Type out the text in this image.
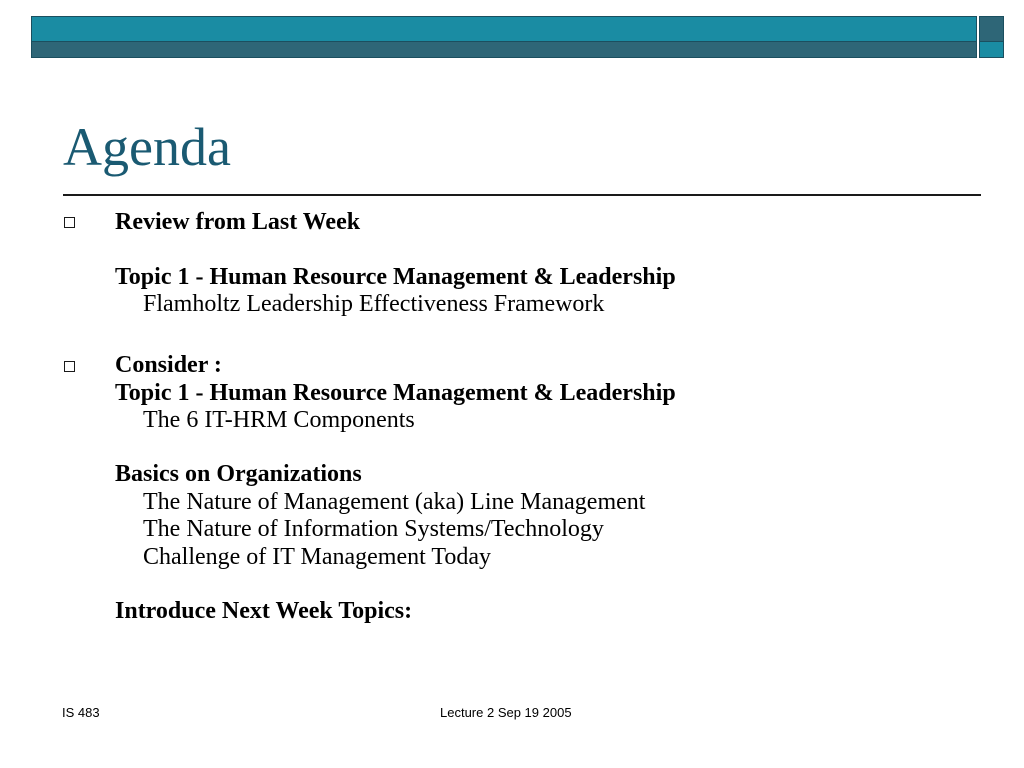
Agenda
Review from Last Week
Topic 1 - Human Resource Management & Leadership
Flamholtz Leadership Effectiveness Framework
Consider :
Topic 1 - Human Resource Management & Leadership
The 6 IT-HRM Components
Basics on Organizations
The Nature of Management (aka) Line Management
The Nature of Information Systems/Technology
Challenge of IT Management Today
Introduce Next Week Topics:
IS 483	Lecture 2 Sep 19 2005
